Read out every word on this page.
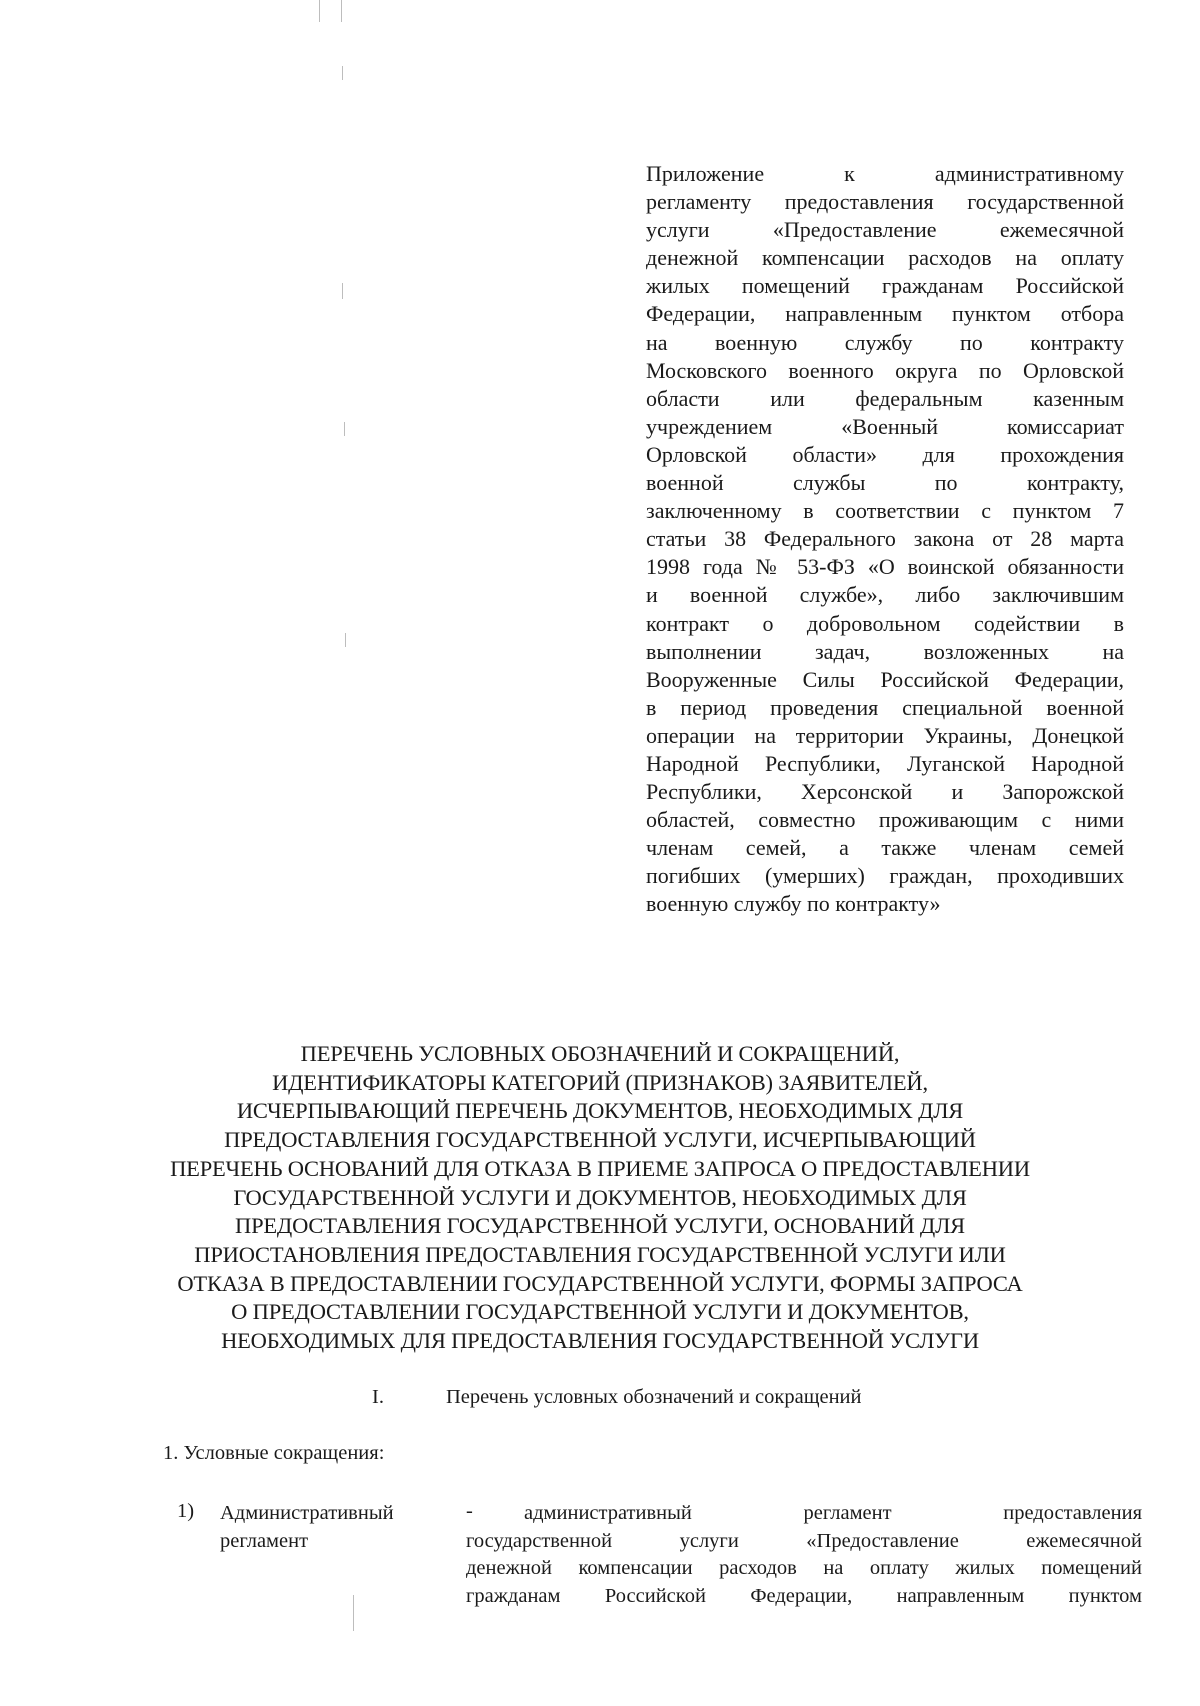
Приложение к административному
регламенту предоставления государственной
услуги «Предоставление ежемесячной
денежной компенсации расходов на оплату
жилых помещений гражданам Российской
Федерации, направленным пунктом отбора
на военную службу по контракту
Московского военного округа по Орловской
области или федеральным казенным
учреждением «Военный комиссариат
Орловской области» для прохождения
военной службы по контракту,
заключенному в соответствии с пунктом 7
статьи 38 Федерального закона от 28 марта
1998 года № 53-ФЗ «О воинской обязанности
и военной службе», либо заключившим
контракт о добровольном содействии в
выполнении задач, возложенных на
Вооруженные Силы Российской Федерации,
в период проведения специальной военной
операции на территории Украины, Донецкой
Народной Республики, Луганской Народной
Республики, Херсонской и Запорожской
областей, совместно проживающим с ними
членам семей, а также членам семей
погибших (умерших) граждан, проходивших
военную службу по контракту»
ПЕРЕЧЕНЬ УСЛОВНЫХ ОБОЗНАЧЕНИЙ И СОКРАЩЕНИЙ,
ИДЕНТИФИКАТОРЫ КАТЕГОРИЙ (ПРИЗНАКОВ) ЗАЯВИТЕЛЕЙ,
ИСЧЕРПЫВАЮЩИЙ ПЕРЕЧЕНЬ ДОКУМЕНТОВ, НЕОБХОДИМЫХ ДЛЯ
ПРЕДОСТАВЛЕНИЯ ГОСУДАРСТВЕННОЙ УСЛУГИ, ИСЧЕРПЫВАЮЩИЙ
ПЕРЕЧЕНЬ ОСНОВАНИЙ ДЛЯ ОТКАЗА В ПРИЕМЕ ЗАПРОСА О ПРЕДОСТАВЛЕНИИ
ГОСУДАРСТВЕННОЙ УСЛУГИ И ДОКУМЕНТОВ, НЕОБХОДИМЫХ ДЛЯ
ПРЕДОСТАВЛЕНИЯ ГОСУДАРСТВЕННОЙ УСЛУГИ, ОСНОВАНИЙ ДЛЯ
ПРИОСТАНОВЛЕНИЯ ПРЕДОСТАВЛЕНИЯ ГОСУДАРСТВЕННОЙ УСЛУГИ ИЛИ
ОТКАЗА В ПРЕДОСТАВЛЕНИИ ГОСУДАРСТВЕННОЙ УСЛУГИ, ФОРМЫ ЗАПРОСА
О ПРЕДОСТАВЛЕНИИ ГОСУДАРСТВЕННОЙ УСЛУГИ И ДОКУМЕНТОВ,
НЕОБХОДИМЫХ ДЛЯ ПРЕДОСТАВЛЕНИЯ ГОСУДАРСТВЕННОЙ УСЛУГИ
I.	Перечень условных обозначений и сокращений
1. Условные сокращения:
1) Административный
регламент
-	административный регламент предоставления
государственной услуги «Предоставление ежемесячной
денежной компенсации расходов на оплату жилых помещений
гражданам Российской Федерации, направленным пунктом
